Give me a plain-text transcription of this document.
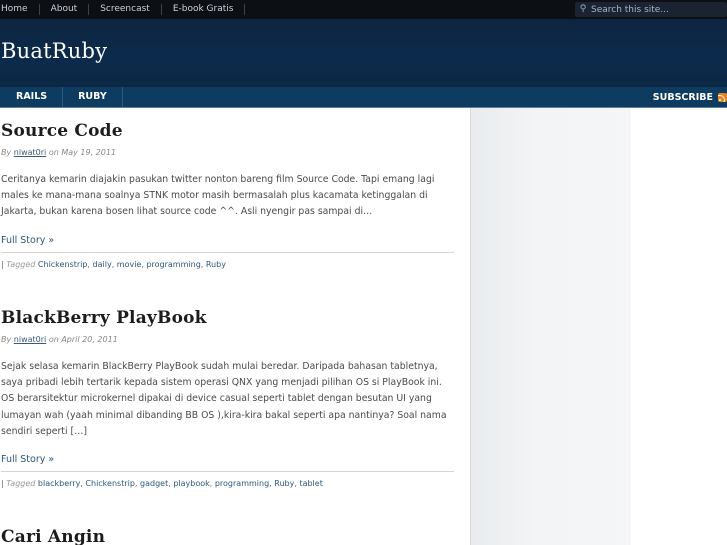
Home	About	Screencast	E-book Gratis	⚲
Search this site...
BuatRuby
RAILS	RUBY	SUBSCRIBE
Source Code
By niwat0ri on May 19, 2011

Ceritanya kemarin diajakin pasukan twitter nonton bareng film Source Code. Tapi emang lagi males ke mana-mana soalnya STNK motor masih bermasalah plus kacamata ketinggalan di Jakarta, bukan karena bosen lihat source code ^^. Asli nyengir pas sampai di…

Full Story »
| Tagged Chickenstrip, daily, movie, programming, Ruby
BlackBerry PlayBook
By niwat0ri on April 20, 2011

Sejak selasa kemarin BlackBerry PlayBook sudah mulai beredar. Daripada bahasan tabletnya, saya pribadi lebih tertarik kepada sistem operasi QNX yang menjadi pilihan OS si PlayBook ini. OS berarsitektur microkernel dipakai di device casual seperti tablet dengan besutan UI yang lumayan wah (yaah minimal dibanding BB OS ),kira-kira bakal seperti apa nantinya? Soal nama sendiri seperti […]

Full Story »
| Tagged blackberry, Chickenstrip, gadget, playbook, programming, Ruby, tablet
Cari Angin
